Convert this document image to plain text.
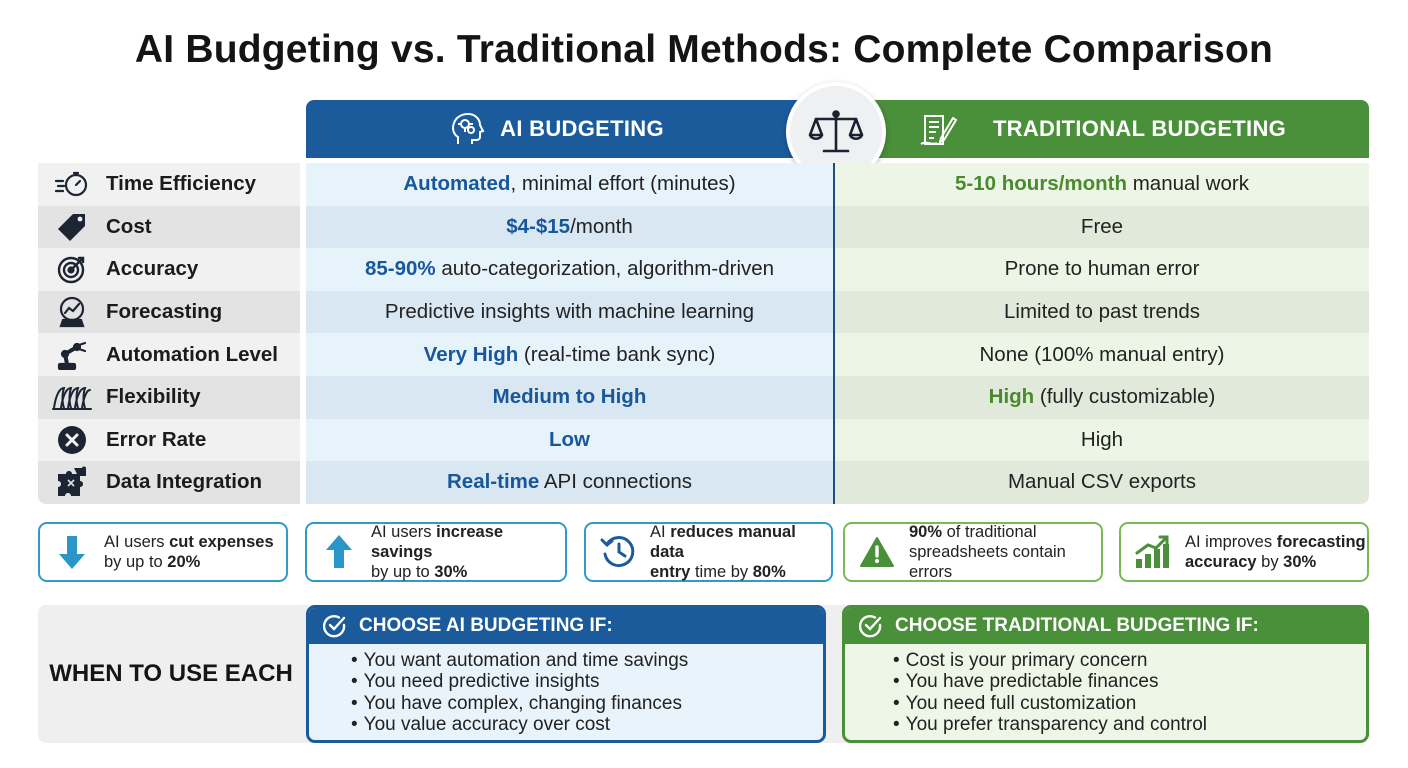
AI Budgeting vs. Traditional Methods: Complete Comparison
AI BUDGETING	TRADITIONAL BUDGETING
Time Efficiency	Automated , minimal effort (minutes)	5-10 hours/month manual work
Cost	$4-$15 /month	Free
Accuracy	85-90% auto-categorization, algorithm-driven	Prone to human error
Forecasting	Predictive insights with machine learning	Limited to past trends
Automation Level	Very High (real-time bank sync)	None (100% manual entry)
Flexibility	Medium to High	High (fully customizable)
Error Rate	Low	High
Data Integration	Real-time API connections	Manual CSV exports
AI users cut expenses
by up to 20%
AI users increase savings
by up to 30%
AI reduces manual data
entry time by 80%
90% of traditional
spreadsheets contain errors
AI improves forecasting
accuracy by 30%
WHEN TO USE EACH
CHOOSE AI BUDGETING IF:
• You want automation and time savings
• You need predictive insights
• You have complex, changing finances
• You value accuracy over cost
CHOOSE TRADITIONAL BUDGETING IF:
• Cost is your primary concern
• You have predictable finances
• You need full customization
• You prefer transparency and control
